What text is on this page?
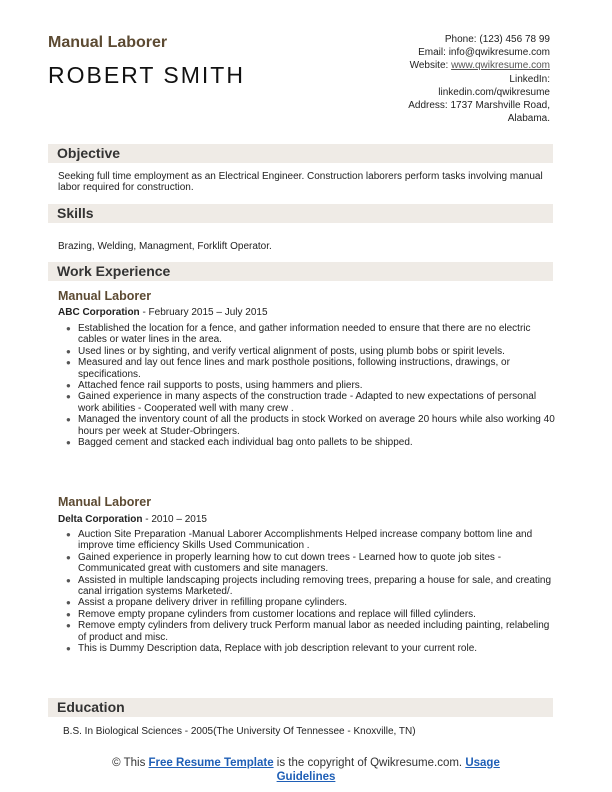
Manual Laborer
ROBERT SMITH
Phone: (123) 456 78 99
Email: info@qwikresume.com
Website: www.qwikresume.com
LinkedIn:
linkedin.com/qwikresume
Address: 1737 Marshville Road,
Alabama.
Objective
Seeking full time employment as an Electrical Engineer. Construction laborers perform tasks involving manual labor required for construction.
Skills
Brazing, Welding, Managment, Forklift Operator.
Work Experience
Manual Laborer
ABC Corporation - February 2015 – July 2015
● Established the location for a fence, and gather information needed to ensure that there are no electric cables or water lines in the area.
● Used lines or by sighting, and verify vertical alignment of posts, using plumb bobs or spirit levels.
● Measured and lay out fence lines and mark posthole positions, following instructions, drawings, or specifications.
● Attached fence rail supports to posts, using hammers and pliers.
● Gained experience in many aspects of the construction trade - Adapted to new expectations of personal work abilities - Cooperated well with many crew .
● Managed the inventory count of all the products in stock Worked on average 20 hours while also working 40 hours per week at Studer-Obringers.
● Bagged cement and stacked each individual bag onto pallets to be shipped.
Manual Laborer
Delta Corporation - 2010 – 2015
● Auction Site Preparation -Manual Laborer Accomplishments Helped increase company bottom line and improve time efficiency Skills Used Communication .
● Gained experience in properly learning how to cut down trees - Learned how to quote job sites - Communicated great with customers and site managers.
● Assisted in multiple landscaping projects including removing trees, preparing a house for sale, and creating canal irrigation systems Marketed/.
● Assist a propane delivery driver in refilling propane cylinders.
● Remove empty propane cylinders from customer locations and replace will filled cylinders.
● Remove empty cylinders from delivery truck Perform manual labor as needed including painting, relabeling of product and misc.
● This is Dummy Description data, Replace with job description relevant to your current role.
Education
B.S. In Biological Sciences - 2005(The University Of Tennessee - Knoxville, TN)
© This Free Resume Template is the copyright of Qwikresume.com. Usage
Guidelines
